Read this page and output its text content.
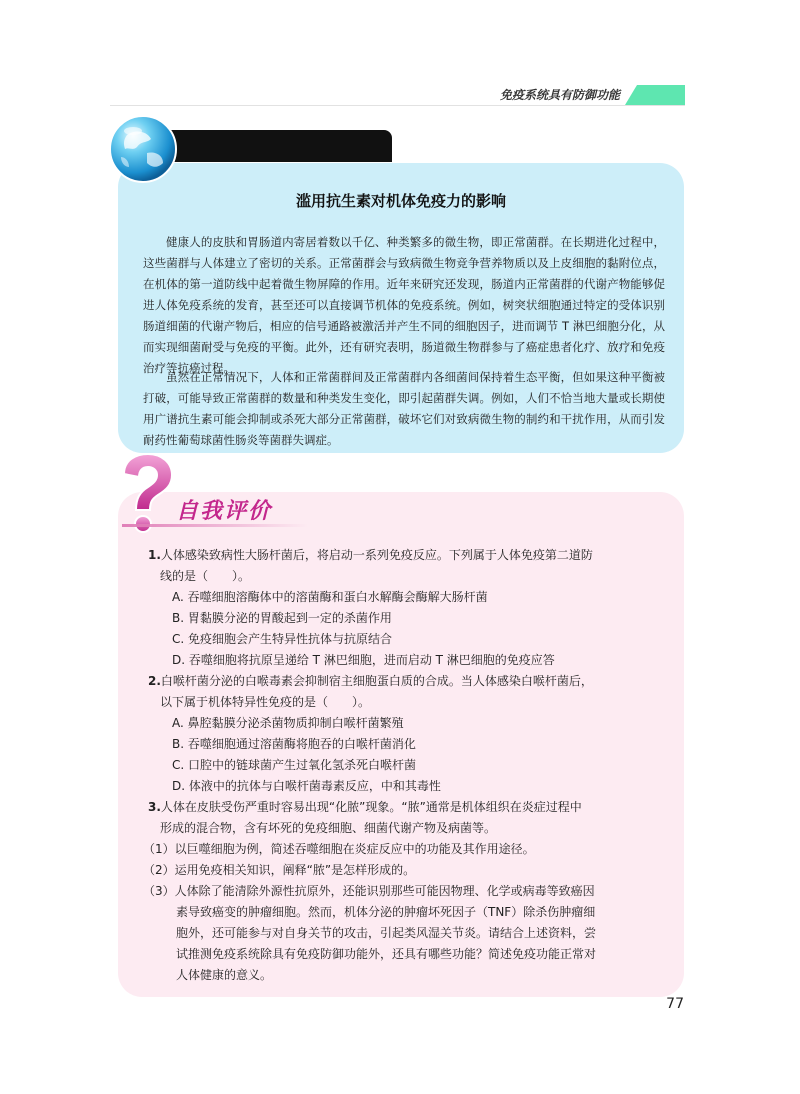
免疫系统具有防御功能
滥用抗生素对机体免疫力的影响

健康人的皮肤和胃肠道内寄居着数以千亿、种类繁多的微生物，即正常菌群。在长期进化过程中，这些菌群与人体建立了密切的关系。正常菌群会与致病微生物竞争营养物质以及上皮细胞的黏附位点，在机体的第一道防线中起着微生物屏障的作用。近年来研究还发现，肠道内正常菌群的代谢产物能够促进人体免疫系统的发育，甚至还可以直接调节机体的免疫系统。例如，树突状细胞通过特定的受体识别肠道细菌的代谢产物后，相应的信号通路被激活并产生不同的细胞因子，进而调节 T 淋巴细胞分化，从而实现细菌耐受与免疫的平衡。此外，还有研究表明，肠道微生物群参与了癌症患者化疗、放疗和免疫治疗等抗癌过程。

虽然在正常情况下，人体和正常菌群间及正常菌群内各细菌间保持着生态平衡，但如果这种平衡被打破，可能导致正常菌群的数量和种类发生变化，即引起菌群失调。例如，人们不恰当地大量或长期使用广谱抗生素可能会抑制或杀死大部分正常菌群，破坏它们对致病微生物的制约和干扰作用，从而引发耐药性葡萄球菌性肠炎等菌群失调症。

自我评价

1.人体感染致病性大肠杆菌后，将启动一系列免疫反应。下列属于人体免疫第二道防

线的是（　　）。

A. 吞噬细胞溶酶体中的溶菌酶和蛋白水解酶会酶解大肠杆菌

B. 胃黏膜分泌的胃酸起到一定的杀菌作用

C. 免疫细胞会产生特异性抗体与抗原结合

D. 吞噬细胞将抗原呈递给 T 淋巴细胞，进而启动 T 淋巴细胞的免疫应答

2.白喉杆菌分泌的白喉毒素会抑制宿主细胞蛋白质的合成。当人体感染白喉杆菌后，

以下属于机体特异性免疫的是（　　）。

A. 鼻腔黏膜分泌杀菌物质抑制白喉杆菌繁殖

B. 吞噬细胞通过溶菌酶将胞吞的白喉杆菌消化

C. 口腔中的链球菌产生过氧化氢杀死白喉杆菌

D. 体液中的抗体与白喉杆菌毒素反应，中和其毒性

3.人体在皮肤受伤严重时容易出现“化脓”现象。“脓”通常是机体组织在炎症过程中

形成的混合物，含有坏死的免疫细胞、细菌代谢产物及病菌等。

（1）以巨噬细胞为例，简述吞噬细胞在炎症反应中的功能及其作用途径。

（2）运用免疫相关知识，阐释“脓”是怎样形成的。

（3）人体除了能清除外源性抗原外，还能识别那些可能因物理、化学或病毒等致癌因

素导致癌变的肿瘤细胞。然而，机体分泌的肿瘤坏死因子（TNF）除杀伤肿瘤细

胞外，还可能参与对自身关节的攻击，引起类风湿关节炎。请结合上述资料，尝

试推测免疫系统除具有免疫防御功能外，还具有哪些功能？简述免疫功能正常对

人体健康的意义。

77
